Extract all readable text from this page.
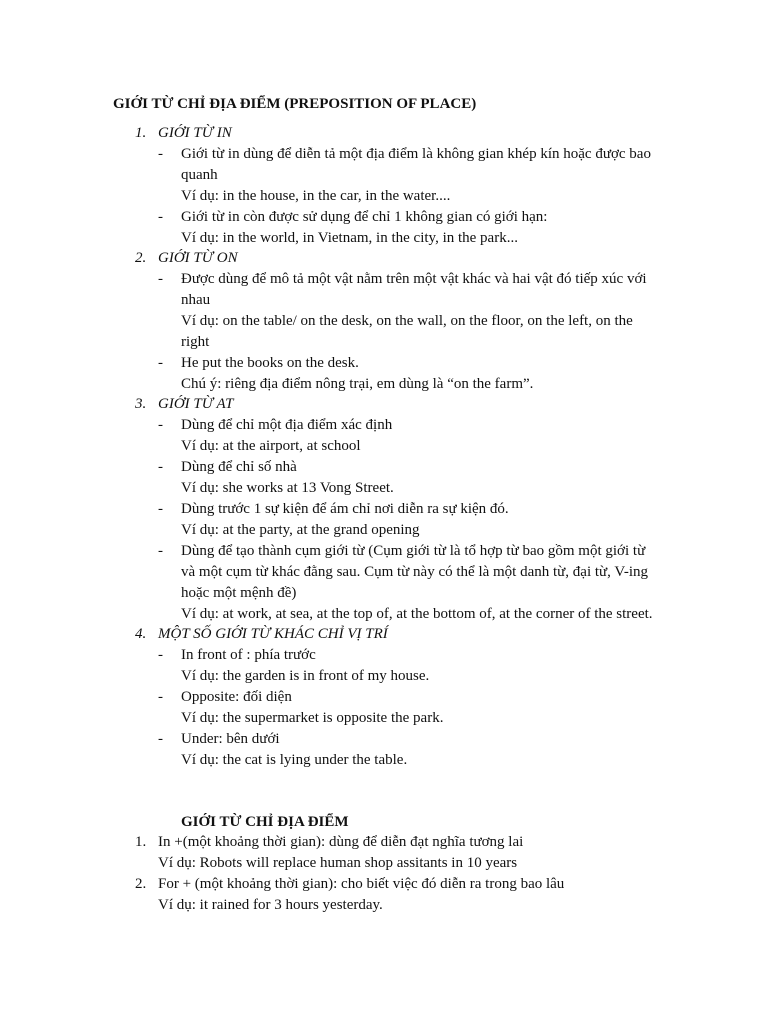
GIỚI TỪ CHỈ ĐỊA ĐIỂM (PREPOSITION OF PLACE)
1. GIỚI TỪ IN
- Giới từ in dùng để diễn tả một địa điểm là không gian khép kín hoặc được bao quanh
Ví dụ: in the house, in the car, in the water....
- Giới từ in còn được sử dụng để chỉ 1 không gian có giới hạn:
Ví dụ: in the world, in Vietnam, in the city, in the park...
2. GIỚI TỪ ON
- Được dùng để mô tả một vật nằm trên một vật khác và hai vật đó tiếp xúc với nhau
Ví dụ: on the table/ on the desk, on the wall, on the floor, on the left, on the right
- He put the books on the desk.
Chú ý: riêng địa điểm nông trại, em dùng là “on the farm”.
3. GIỚI TỪ AT
- Dùng để chỉ một địa điểm xác định
Ví dụ: at the airport, at school
- Dùng để chỉ số nhà
Ví dụ: she works at 13 Vong Street.
- Dùng trước 1 sự kiện để ám chỉ nơi diễn ra sự kiện đó.
Ví dụ: at the party, at the grand opening
- Dùng để tạo thành cụm giới từ (Cụm giới từ là tổ hợp từ bao gồm một giới từ và một cụm từ khác đằng sau. Cụm từ này có thể là một danh từ, đại từ, V-ing hoặc một mệnh đề)
Ví dụ: at work, at sea, at the top of, at the bottom of, at the corner of the street.
4. MỘT SỐ GIỚI TỪ KHÁC CHỈ VỊ TRÍ
- In front of : phía trước
Ví dụ: the garden is in front of my house.
- Opposite: đối diện
Ví dụ: the supermarket is opposite the park.
- Under: bên dưới
Ví dụ: the cat is lying under the table.
GIỚI TỪ CHỈ ĐỊA ĐIỂM
1. In +(một khoảng thời gian): dùng để diễn đạt nghĩa tương lai
Ví dụ: Robots will replace human shop assitants in 10 years
2. For + (một khoảng thời gian): cho biết việc đó diễn ra trong bao lâu
Ví dụ: it rained for 3 hours yesterday.
